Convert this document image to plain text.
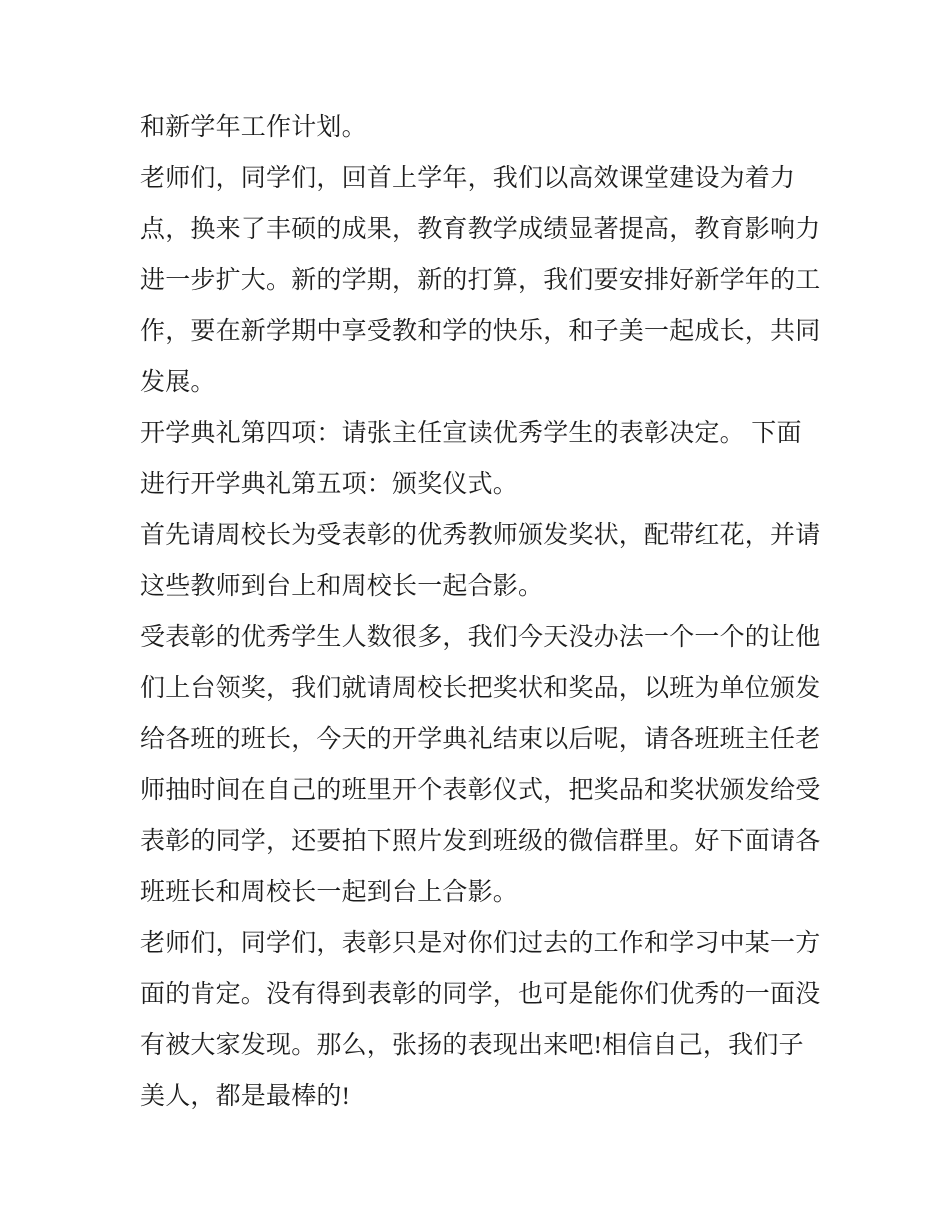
和新学年工作计划。
老师们，同学们，回首上学年，我们以高效课堂建设为着力
点，换来了丰硕的成果，教育教学成绩显著提高，教育影响力
进一步扩大。新的学期，新的打算，我们要安排好新学年的工
作，要在新学期中享受教和学的快乐，和子美一起成长，共同
发展。
开学典礼第四项：请张主任宣读优秀学生的表彰决定。 下面
进行开学典礼第五项：颁奖仪式。
首先请周校长为受表彰的优秀教师颁发奖状，配带红花，并请
这些教师到台上和周校长一起合影。
受表彰的优秀学生人数很多，我们今天没办法一个一个的让他
们上台领奖，我们就请周校长把奖状和奖品，以班为单位颁发
给各班的班长，今天的开学典礼结束以后呢，请各班班主任老
师抽时间在自己的班里开个表彰仪式，把奖品和奖状颁发给受
表彰的同学，还要拍下照片发到班级的微信群里。好下面请各
班班长和周校长一起到台上合影。
老师们，同学们，表彰只是对你们过去的工作和学习中某一方
面的肯定。没有得到表彰的同学，也可是能你们优秀的一面没
有被大家发现。那么，张扬的表现出来吧!相信自己，我们子
美人，都是最棒的!
